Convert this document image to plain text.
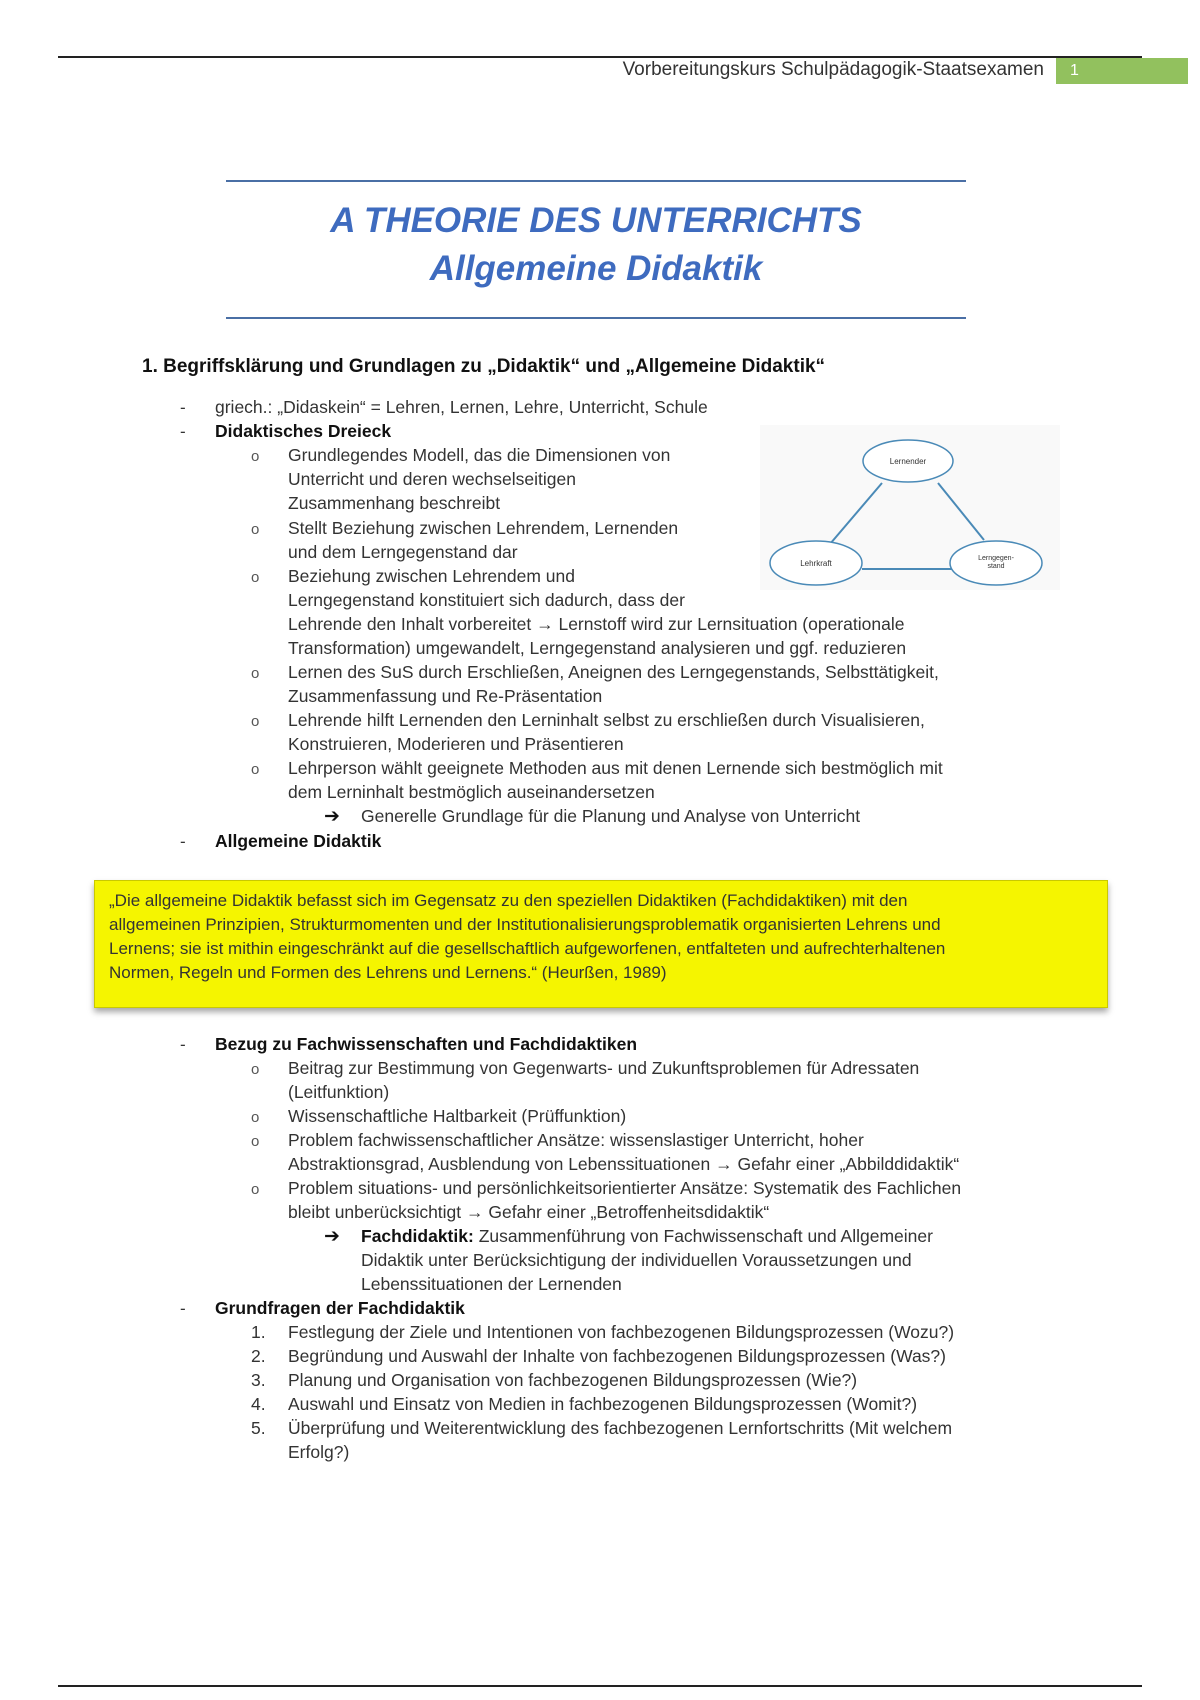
Vorbereitungskurs Schulpädagogik-Staatsexamen	1
A THEORIE DES UNTERRICHTS
Allgemeine Didaktik
1. Begriffsklärung und Grundlagen zu „Didaktik“ und „Allgemeine Didaktik“
- griech.: „Didaskein“ = Lehren, Lernen, Lehre, Unterricht, Schule
- Didaktisches Dreieck
o Grundlegendes Modell, das die Dimensionen von
Unterricht und deren wechselseitigen
Zusammenhang beschreibt
o Stellt Beziehung zwischen Lehrendem, Lernenden
und dem Lerngegenstand dar
o Beziehung zwischen Lehrendem und
Lerngegenstand konstituiert sich dadurch, dass der
Lehrende den Inhalt vorbereitet → Lernstoff wird zur Lernsituation (operationale
Transformation) umgewandelt, Lerngegenstand analysieren und ggf. reduzieren
o Lernen des SuS durch Erschließen, Aneignen des Lerngegenstands, Selbsttätigkeit,
Zusammenfassung und Re-Präsentation
o Lehrende hilft Lernenden den Lerninhalt selbst zu erschließen durch Visualisieren,
Konstruieren, Moderieren und Präsentieren
o Lehrperson wählt geeignete Methoden aus mit denen Lernende sich bestmöglich mit
dem Lerninhalt bestmöglich auseinandersetzen
➔ Generelle Grundlage für die Planung und Analyse von Unterricht
Lernender
Lehrkraft
Lerngegen-stand
- Allgemeine Didaktik
„Die allgemeine Didaktik befasst sich im Gegensatz zu den speziellen Didaktiken (Fachdidaktiken) mit den
allgemeinen Prinzipien, Strukturmomenten und der Institutionalisierungsproblematik organisierten Lehrens und
Lernens; sie ist mithin eingeschränkt auf die gesellschaftlich aufgeworfenen, entfalteten und aufrechterhaltenen
Normen, Regeln und Formen des Lehrens und Lernens.“ (Heurßen, 1989)
- Bezug zu Fachwissenschaften und Fachdidaktiken
o Beitrag zur Bestimmung von Gegenwarts- und Zukunftsproblemen für Adressaten
(Leitfunktion)
o Wissenschaftliche Haltbarkeit (Prüffunktion)
o Problem fachwissenschaftlicher Ansätze: wissenslastiger Unterricht, hoher
Abstraktionsgrad, Ausblendung von Lebenssituationen → Gefahr einer „Abbilddidaktik“
o Problem situations- und persönlichkeitsorientierter Ansätze: Systematik des Fachlichen
bleibt unberücksichtigt → Gefahr einer „Betroffenheitsdidaktik“
➔ Fachdidaktik: Zusammenführung von Fachwissenschaft und Allgemeiner
Didaktik unter Berücksichtigung der individuellen Voraussetzungen und
Lebenssituationen der Lernenden
- Grundfragen der Fachdidaktik
1. Festlegung der Ziele und Intentionen von fachbezogenen Bildungsprozessen (Wozu?)
2. Begründung und Auswahl der Inhalte von fachbezogenen Bildungsprozessen (Was?)
3. Planung und Organisation von fachbezogenen Bildungsprozessen (Wie?)
4. Auswahl und Einsatz von Medien in fachbezogenen Bildungsprozessen (Womit?)
5. Überprüfung und Weiterentwicklung des fachbezogenen Lernfortschritts (Mit welchem
Erfolg?)
